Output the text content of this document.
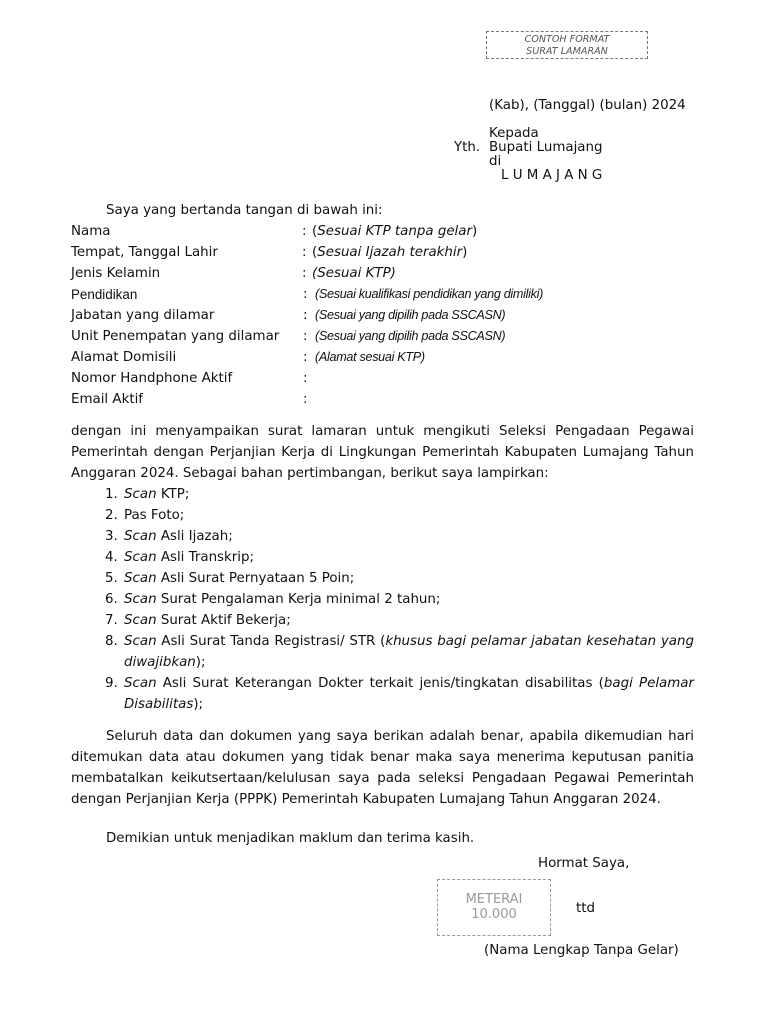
CONTOH FORMAT
SURAT LAMARAN
(Kab), (Tanggal) (bulan) 2024
Kepada
Yth. Bupati Lumajang
di
L U M A J A N G
Saya yang bertanda tangan di bawah ini:
Nama	: (Sesuai KTP tanpa gelar)
Tempat, Tanggal Lahir	: (Sesuai Ijazah terakhir)
Jenis Kelamin	: (Sesuai KTP)
Pendidikan	: (Sesuai kualifikasi pendidikan yang dimiliki)
Jabatan yang dilamar	: (Sesuai yang dipilih pada SSCASN)
Unit Penempatan yang dilamar : (Sesuai yang dipilih pada SSCASN)
Alamat Domisili	: (Alamat sesuai KTP)
Nomor Handphone Aktif	:
Email Aktif	:
dengan ini menyampaikan surat lamaran untuk mengikuti Seleksi Pengadaan Pegawai Pemerintah dengan Perjanjian Kerja di Lingkungan Pemerintah Kabupaten Lumajang Tahun Anggaran 2024. Sebagai bahan pertimbangan, berikut saya lampirkan:
1. Scan KTP;
2. Pas Foto;
3. Scan Asli Ijazah;
4. Scan Asli Transkrip;
5. Scan Asli Surat Pernyataan 5 Poin;
6. Scan Surat Pengalaman Kerja minimal 2 tahun;
7. Scan Surat Aktif Bekerja;
8. Scan Asli Surat Tanda Registrasi/ STR (khusus bagi pelamar jabatan kesehatan yang diwajibkan);
9. Scan Asli Surat Keterangan Dokter terkait jenis/tingkatan disabilitas (bagi Pelamar Disabilitas);
Seluruh data dan dokumen yang saya berikan adalah benar, apabila dikemudian hari ditemukan data atau dokumen yang tidak benar maka saya menerima keputusan panitia membatalkan keikutsertaan/kelulusan saya pada seleksi Pengadaan Pegawai Pemerintah dengan Perjanjian Kerja (PPPK) Pemerintah Kabupaten Lumajang Tahun Anggaran 2024.
Demikian untuk menjadikan maklum dan terima kasih.
Hormat Saya,
METERAI
10.000	ttd
(Nama Lengkap Tanpa Gelar)
